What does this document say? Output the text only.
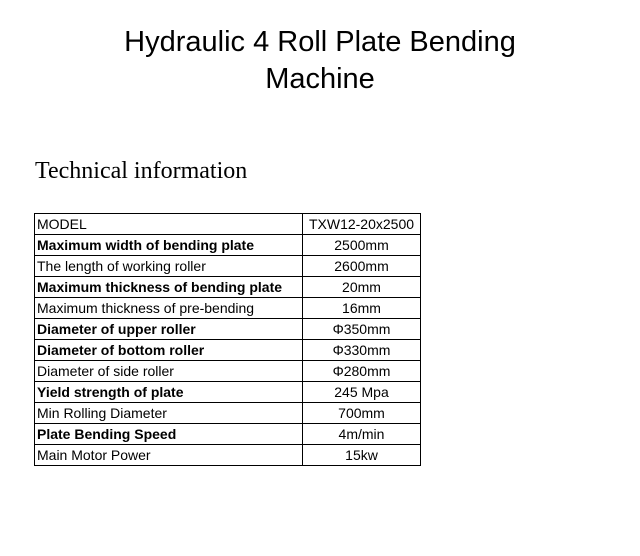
Hydraulic 4 Roll Plate Bending
Machine
Technical information
MODEL	TXW12-20x2500
Maximum width of bending plate	2500mm
The length of working roller	2600mm
Maximum thickness of bending plate	20mm
Maximum thickness of pre-bending	16mm
Diameter of upper roller	Φ350mm
Diameter of bottom roller	Φ330mm
Diameter of side roller	Φ280mm
Yield strength of plate	245 Mpa
Min Rolling Diameter	700mm
Plate Bending Speed	4m/min
Main Motor Power	15kw
